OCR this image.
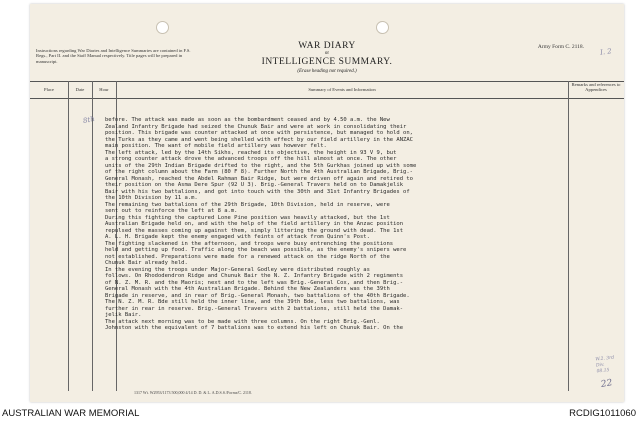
Instructions regarding War Diaries and Intelligence Summaries are contained in F.S. Regs., Part II. and the Staff Manual respectively. Title pages will be prepared in manuscript.
WAR DIARY
or
INTELLIGENCE SUMMARY.
(Erase heading not required.)
Army Form C. 2118.
I. 2
Place	Date	Hour	Summary of Events and Information
Remarks and references to Appendices
8th
W.2. 3rd Div.
08.15
22
1317 Wt. W2953/1173 500,000 4/14 D. D. & L. A.D.S.S./Forms/C. 2118.
before. The attack was made as soon as the bombardment ceased and by 4.50 a.m. the New
Zealand Infantry Brigade had seized the Chunuk Bair and were at work in consolidating their
position. This brigade was counter attacked at once with persistence, but managed to hold on,
the Turks as they came and went being shelled with effect by our field artillery in the ANZAC
main position. The want of mobile field artillery was however felt.
The left attack, led by the 14th Sikhs, reached its objective, the height in 93 V 9, but
a strong counter attack drove the advanced troops off the hill almost at once. The other
units of the 29th Indian Brigade drifted to the right, and the 5th Gurkhas joined up with some
of the right column about the Farm (80 F 8). Further North the 4th Australian Brigade, Brig.-
General Monash, reached the Abdel Rahman Bair Ridge, but were driven off again and retired to
their position on the Asma Dere Spur (92 U 3). Brig.-General Travers held on to Damakjelik
Bair with his two battalions, and got into touch with the 30th and 31st Infantry Brigades of
the 10th Division by 11 a.m.
The remaining two battalions of the 29th Brigade, 10th Division, held in reserve, were
sent out to reinforce the left at 8 a.m.
During this fighting the captured Lone Pine position was heavily attacked, but the 1st
Australian Brigade held on, and with the help of the field artillery in the Anzac position
repulsed the masses coming up against them, simply littering the ground with dead. The 1st
A. L. H. Brigade kept the enemy engaged with feints of attack from Quinn's Post.
The fighting slackened in the afternoon, and troops were busy entrenching the positions
held and getting up food. Traffic along the beach was possible, as the enemy's snipers were
not established. Preparations were made for a renewed attack on the ridge North of the
Chunuk Bair already held.
In the evening the troops under Major-General Godley were distributed roughly as
follows. On Rhododendron Ridge and Chunuk Bair the N. Z. Infantry Brigade with 2 regiments
of N. Z. M. R. and the Maoris; next and to the left was Brig.-General Cox, and then Brig.-
General Monash with the 4th Australian Brigade. Behind the New Zealanders was the 39th
Brigade in reserve, and in rear of Brig.-General Monash, two battalions of the 40th Brigade.
The N. Z. M. R. Bde still held the inner line, and the 39th Bde, less two battalions, was
further in rear in reserve. Brig.-General Travers with 2 battalions, still held the Damak-
jelik Bair.
The attack next morning was to be made with three columns. On the right Brig.-Genl.
Johnston with the equivalent of 7 battalions was to extend his left on Chunuk Bair. On the
AUSTRALIAN WAR MEMORIAL	RCDIG1011060
